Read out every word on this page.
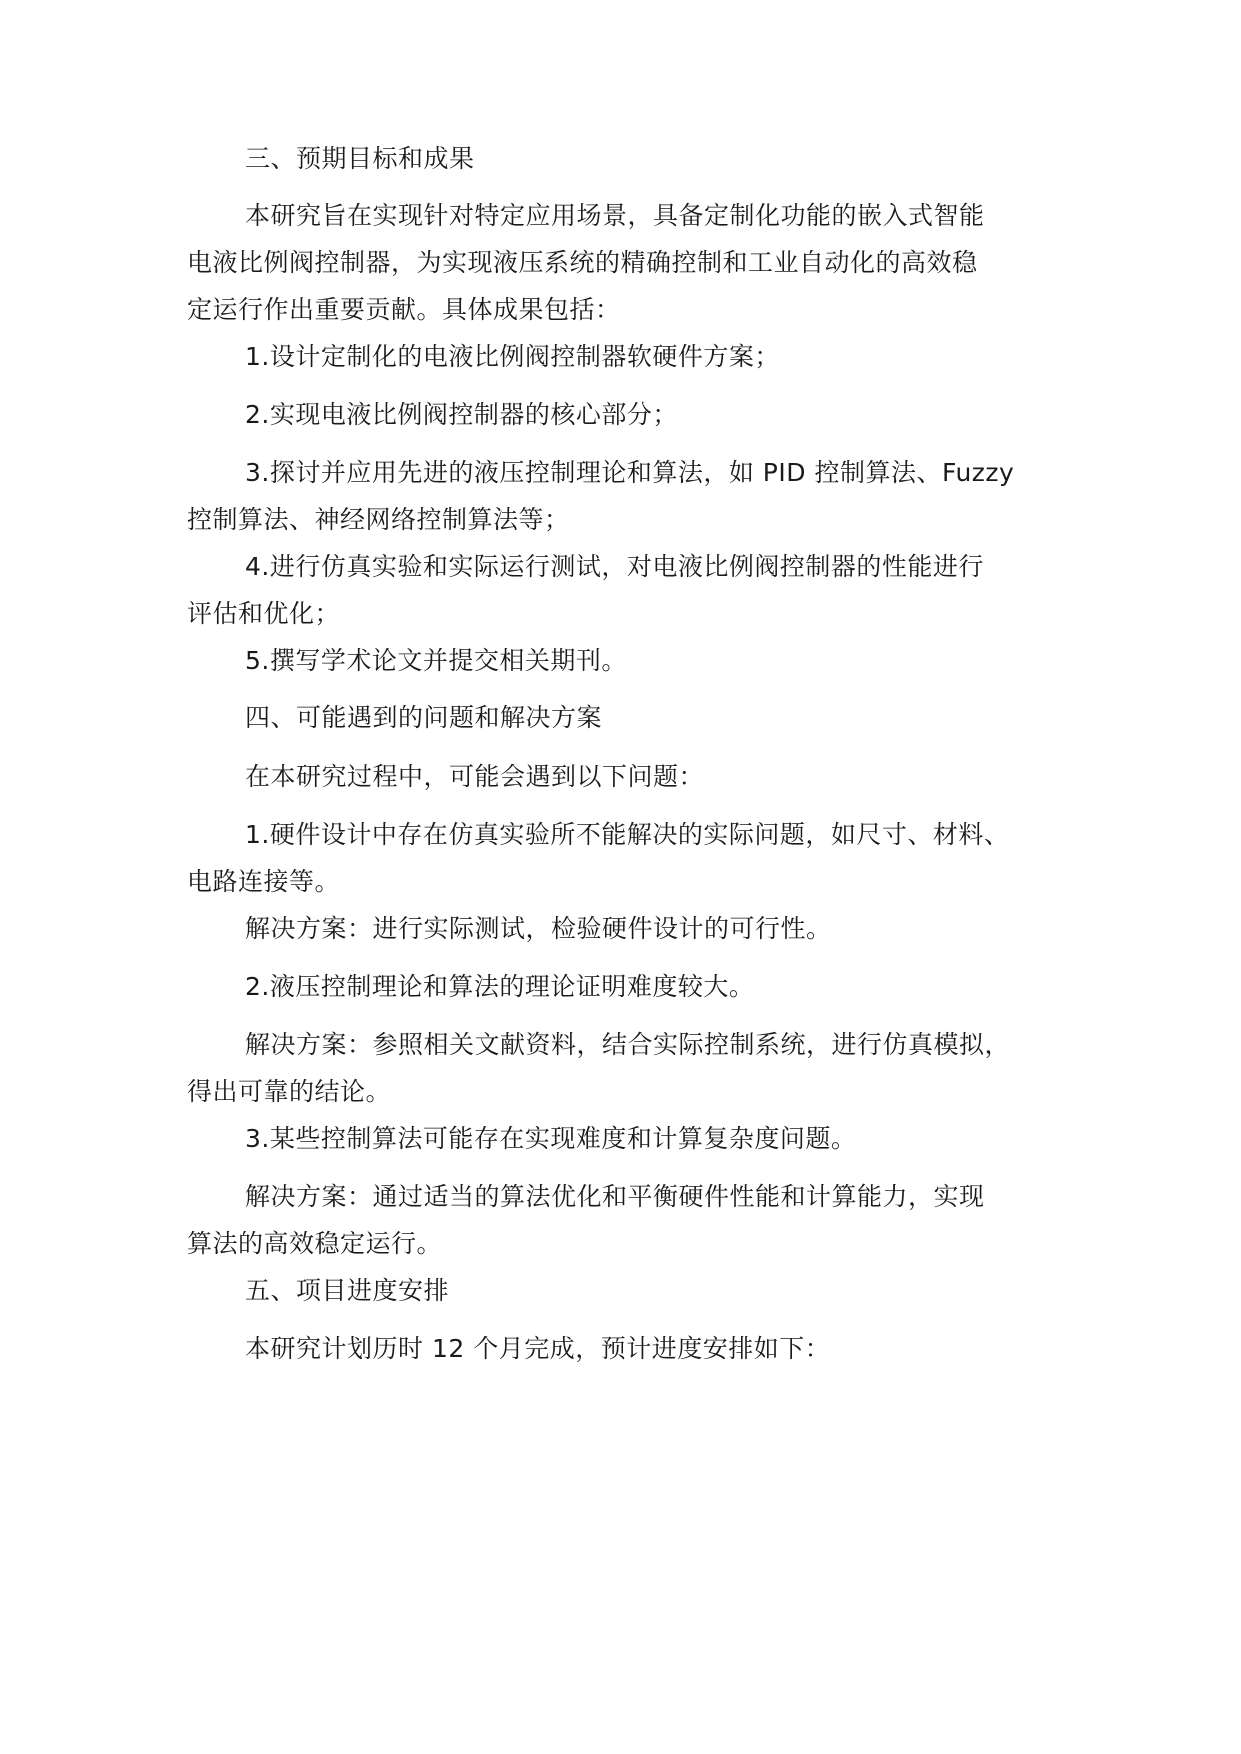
三、预期目标和成果
本研究旨在实现针对特定应用场景，具备定制化功能的嵌入式智能
电液比例阀控制器，为实现液压系统的精确控制和工业自动化的高效稳
定运行作出重要贡献。具体成果包括：
1.设计定制化的电液比例阀控制器软硬件方案；
2.实现电液比例阀控制器的核心部分；
3.探讨并应用先进的液压控制理论和算法，如 PID 控制算法、Fuzzy
控制算法、神经网络控制算法等；
4.进行仿真实验和实际运行测试，对电液比例阀控制器的性能进行
评估和优化；
5.撰写学术论文并提交相关期刊。
四、可能遇到的问题和解决方案
在本研究过程中，可能会遇到以下问题：
1.硬件设计中存在仿真实验所不能解决的实际问题，如尺寸、材料、
电路连接等。
解决方案：进行实际测试，检验硬件设计的可行性。
2.液压控制理论和算法的理论证明难度较大。
解决方案：参照相关文献资料，结合实际控制系统，进行仿真模拟，
得出可靠的结论。
3.某些控制算法可能存在实现难度和计算复杂度问题。
解决方案：通过适当的算法优化和平衡硬件性能和计算能力，实现
算法的高效稳定运行。
五、项目进度安排
本研究计划历时 12 个月完成，预计进度安排如下：
